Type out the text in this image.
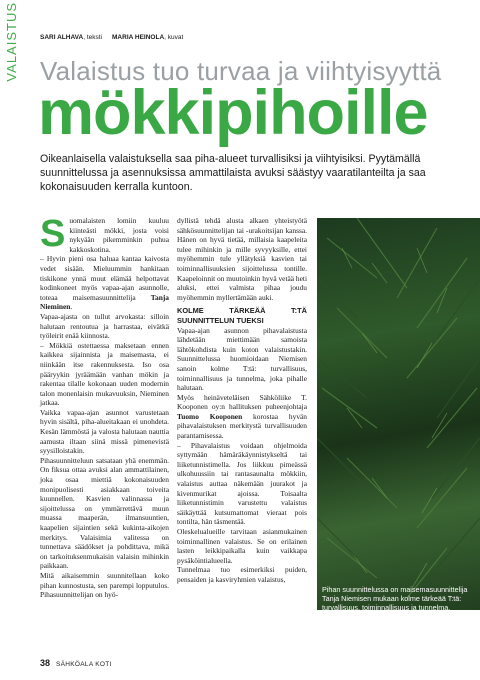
VALAISTUS	SARI ALHAVA, teksti MARIA HEINOLA, kuvat
Valaistus tuo turvaa ja viihtyisyyttä
mökkipihoille
Oikeanlaisella valaistuksella saa piha-alueet turvallisiksi ja viihtyisiksi. Pyytämällä suunnittelussa ja asennuksissa ammattilaista avuksi säästyy vaaratilanteilta ja saa kokonaisuuden kerralla kuntoon.

Suomalaisten lomiin kuuluu kiinteästi mökki, josta voisi nykyään pikemminkin puhua kakkoskotina.

– Hyvin pieni osa haluaa kantaa kaivosta vedet sisään. Mieluummin hankitaan tiskikone ynnä muut elämää helpottavat kodinkoneet myös vapaa-ajan asunnolle, toteaa maisemasuunnittelija Tanja Nieminen.

Vapaa-ajasta on tullut arvokasta: silloin halutaan rentoutua ja harrastaa, eivätkä työleirit enää kiinnosta.

– Mökkiä ostettaessa maksetaan ennen kaikkea sijainnista ja maisemasta, ei niinkään itse rakennuksesta. Iso osa pääryykin jyräämään vanhan mökin ja rakentaa tilalle kokonaan uuden modernin talon monenlaisin mukavuuksin, Nieminen jatkaa.

Vaikka vapaa-ajan asunnot varustetaan hyvin sisältä, piha-alueitakaan ei unohdeta. Kesän lämmöstä ja valosta halutaan nauttia aamusta iltaan siinä missä pimenevistä syysilloistakin.

Pihasuunnitteluun satsataan yhä enemmän. On fiksua ottaa avuksi alan ammattilainen, joka osaa miettiä kokonaisuuden monipuolisesti asiakkaan toiveita kuunnellen. Kasvien valinnassa ja sijoittelussa on ymmärrettävä muun muassa maaperän, ilmansuuntien, kaapelien sijaintien sekä kukinta-aikojen merkitys. Valaisimia valitessa on tunnettava säädökset ja pohdittava, mikä on tarkoituksenmukaisin valaisin mihinkin paikkaan.

Mitä aikaisemmin suunnitellaan koko pihan kunnostusta, sen parempi lopputulos. Pihasuunnittelijan on hyö-

dyllistä tehdä alusta alkaen yhteistyötä sähkösuunnittelijan tai -urakoitsijan kanssa. Hänen on hyvä tietää, millaisia kaapeleita tulee mihinkin ja mille syvyyksille, ettei myöhemmin tule yllätyksiä kasvien tai toiminnallisuuksien sijoittelussa tontille. Kaapeloinnit on muutoinkin hyvä vetää heti aluksi, ettei valmista pihaa joudu myöhemmin myllertämään auki.

KOLME TÄRKEÄÄ T:TÄ SUUNNITTELUN TUEKSI

Vapaa-ajan asunnon pihavalaistusta lähdetään miettimään samoista lähtökohdista kuin koton valaistustakin. Suunnittelussa huomioidaan Niemisen sanoin kolme T:tä: turvallisuus, toiminnallisuus ja tunnelma, joka pihalle halutaan.

Myös heinäveteläisen Sähköliike T. Kooponen oy:n hallituksen puheenjohtaja Tuomo Kooponen korostaa hyvän pihavalaistuksen merkitystä turvallisuuden parantamisessa.

– Pihavalaistus voidaan ohjelmoida syttymään hämäräkäynnistykseltä tai liiketunnistimella. Jos liikkuu pimeässä ulkohuussiin tai rantasaunalta mökkiin, valaistus auttaa näkemään juurakot ja kivenmurikat ajoissa. Toisaalta liiketunnistimin varustettu valaistus säikäyttää kutsumattomat vieraat pois tontilta, hän täsmentää.

Oleskelualueille tarvitaan asianmukainen toiminnallinen valaistus. Se on erilainen lasten leikkipaikalla kuin vaikkapa pysäköintialueella.

Tunnelmaa tuo esimerkiksi puiden, pensaiden ja kasviryhmien valaistus,

Pihan suunnittelussa on maisemasuunnittelija Tanja Niemisen mukaan kolme tärkeää T:tä: turvallisuus, toiminnallisuus ja tunnelma.
38 SÄHKÖALA KOTI
